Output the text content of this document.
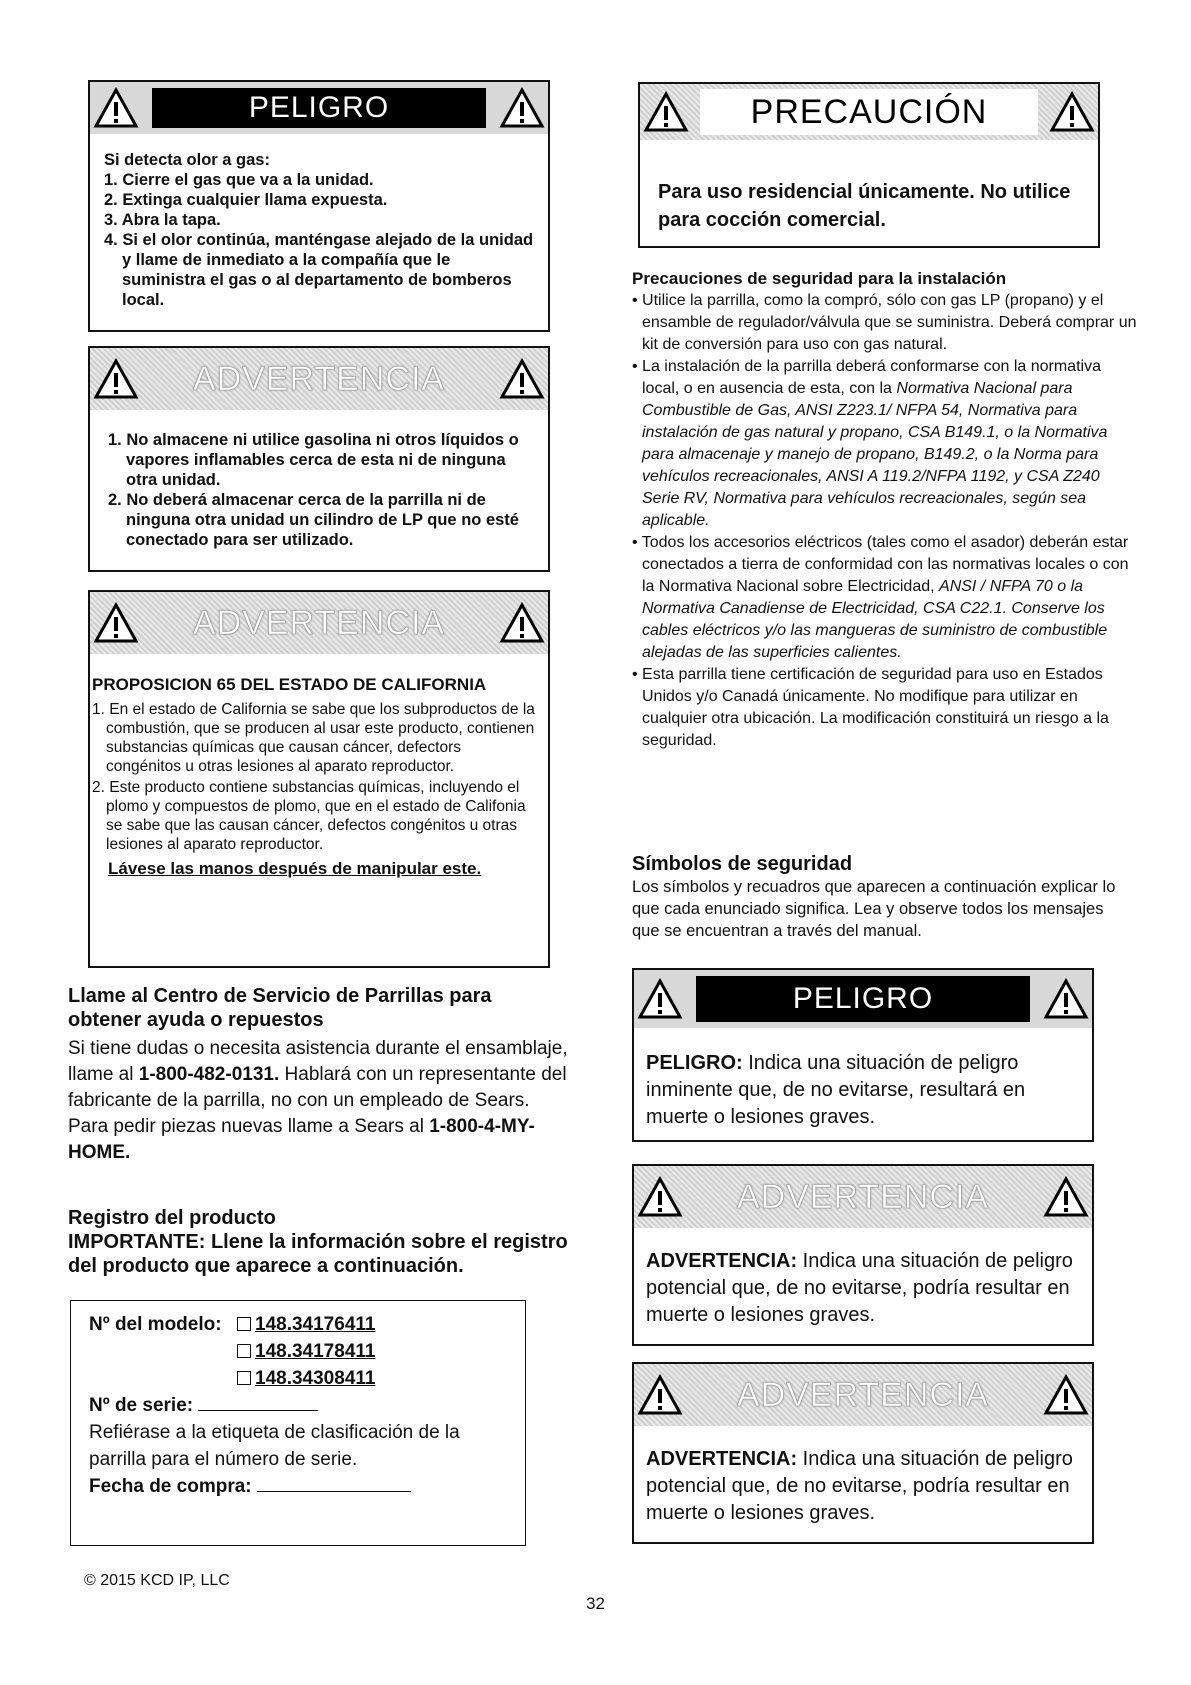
PELIGRO
Si detecta olor a gas:
1. Cierre el gas que va a la unidad.
2. Extinga cualquier llama expuesta.
3. Abra la tapa.
4. Si el olor continúa, manténgase alejado de la unidad y llame de inmediato a la compañía que le suministra el gas o al departamento de bomberos local.
ADVERTENCIA
1. No almacene ni utilice gasolina ni otros líquidos o vapores inflamables cerca de esta ni de ninguna otra unidad.
2. No deberá almacenar cerca de la parrilla ni de ninguna otra unidad un cilindro de LP que no esté conectado para ser utilizado.
ADVERTENCIA
PROPOSICION 65 DEL ESTADO DE CALIFORNIA
1. En el estado de California se sabe que los subproductos de la combustión, que se producen al usar este producto, contienen substancias químicas que causan cáncer, defectors congénitos u otras lesiones al aparato reproductor.
2. Este producto contiene substancias químicas, incluyendo el plomo y compuestos de plomo, que en el estado de Califonia se sabe que las causan cáncer, defectos congénitos u otras lesiones al aparato reproductor.
Lávese las manos después de manipular este.
Llame al Centro de Servicio de Parrillas para obtener ayuda o repuestos
Si tiene dudas o necesita asistencia durante el ensamblaje, llame al 1-800-482-0131. Hablará con un representante del fabricante de la parrilla, no con un empleado de Sears. Para pedir piezas nuevas llame a Sears al 1-800-4-MY-HOME.
Registro del producto
IMPORTANTE: Llene la información sobre el registro del producto que aparece a continuación.
Nº del modelo:	148.34176411
148.34178411
148.34308411
Nº de serie:
Refiérase a la etiqueta de clasificación de la parrilla para el número de serie.
Fecha de compra:
© 2015 KCD IP, LLC
PRECAUCIÓN
Para uso residencial únicamente. No utilice para cocción comercial.
Precauciones de seguridad para la instalación
• Utilice la parrilla, como la compró, sólo con gas LP (propano) y el ensamble de regulador/válvula que se suministra. Deberá comprar un kit de conversión para uso con gas natural.
• La instalación de la parrilla deberá conformarse con la normativa local, o en ausencia de esta, con la Normativa Nacional para Combustible de Gas, ANSI Z223.1/ NFPA 54, Normativa para instalación de gas natural y propano, CSA B149.1, o la Normativa para almacenaje y manejo de propano, B149.2, o la Norma para vehículos recreacionales, ANSI A 119.2/NFPA 1192, y CSA Z240 Serie RV, Normativa para vehículos recreacionales, según sea aplicable.
• Todos los accesorios eléctricos (tales como el asador) deberán estar conectados a tierra de conformidad con las normativas locales o con la Normativa Nacional sobre Electricidad, ANSI / NFPA 70 o la Normativa Canadiense de Electricidad, CSA C22.1. Conserve los cables eléctricos y/o las mangueras de suministro de combustible alejadas de las superficies calientes.
• Esta parrilla tiene certificación de seguridad para uso en Estados Unidos y/o Canadá únicamente. No modifique para utilizar en cualquier otra ubicación. La modificación constituirá un riesgo a la seguridad.
Símbolos de seguridad
Los símbolos y recuadros que aparecen a continuación explicar lo que cada enunciado significa. Lea y observe todos los mensajes que se encuentran a través del manual.
PELIGRO
PELIGRO: Indica una situación de peligro inminente que, de no evitarse, resultará en muerte o lesiones graves.
ADVERTENCIA
ADVERTENCIA: Indica una situación de peligro potencial que, de no evitarse, podría resultar en muerte o lesiones graves.
ADVERTENCIA
ADVERTENCIA: Indica una situación de peligro potencial que, de no evitarse, podría resultar en muerte o lesiones graves.
32
